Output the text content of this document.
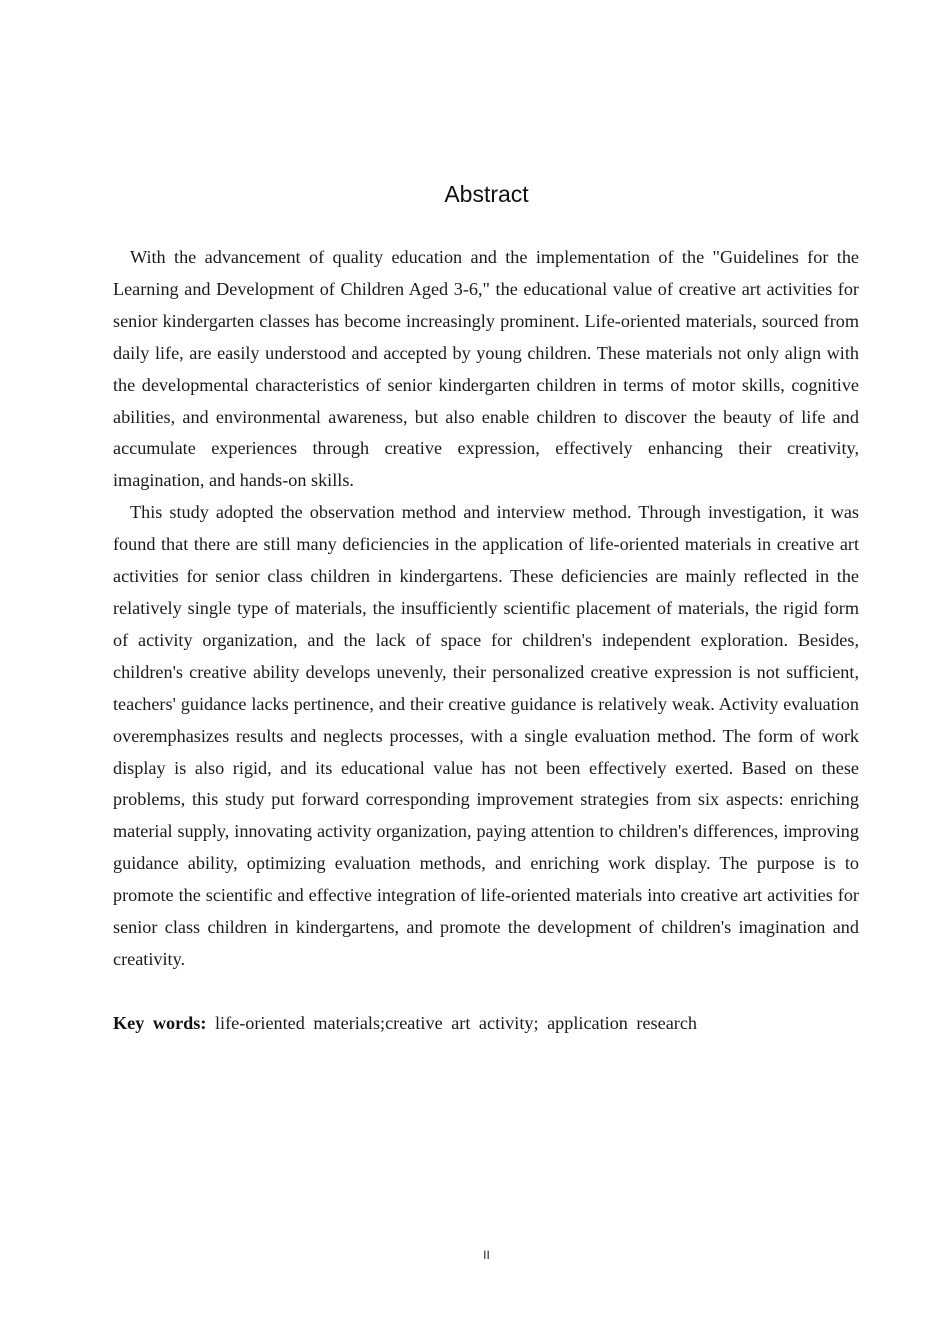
Abstract

With the advancement of quality education and the implementation of the "Guidelines for the Learning and Development of Children Aged 3-6," the educational value of creative art activities for senior kindergarten classes has become increasingly prominent. Life-oriented materials, sourced from daily life, are easily understood and accepted by young children. These materials not only align with the developmental characteristics of senior kindergarten children in terms of motor skills, cognitive abilities, and environmental awareness, but also enable children to discover the beauty of life and accumulate experiences through creative expression, effectively enhancing their creativity, imagination, and hands-on skills.

This study adopted the observation method and interview method. Through investigation, it was found that there are still many deficiencies in the application of life-oriented materials in creative art activities for senior class children in kindergartens. These deficiencies are mainly reflected in the relatively single type of materials, the insufficiently scientific placement of materials, the rigid form of activity organization, and the lack of space for children's independent exploration. Besides, children's creative ability develops unevenly, their personalized creative expression is not sufficient, teachers' guidance lacks pertinence, and their creative guidance is relatively weak. Activity evaluation overemphasizes results and neglects processes, with a single evaluation method. The form of work display is also rigid, and its educational value has not been effectively exerted. Based on these problems, this study put forward corresponding improvement strategies from six aspects: enriching material supply, innovating activity organization, paying attention to children's differences, improving guidance ability, optimizing evaluation methods, and enriching work display. The purpose is to promote the scientific and effective integration of life-oriented materials into creative art activities for senior class children in kindergartens, and promote the development of children's imagination and creativity.

Key words: life-oriented materials;creative art activity; application research
II
